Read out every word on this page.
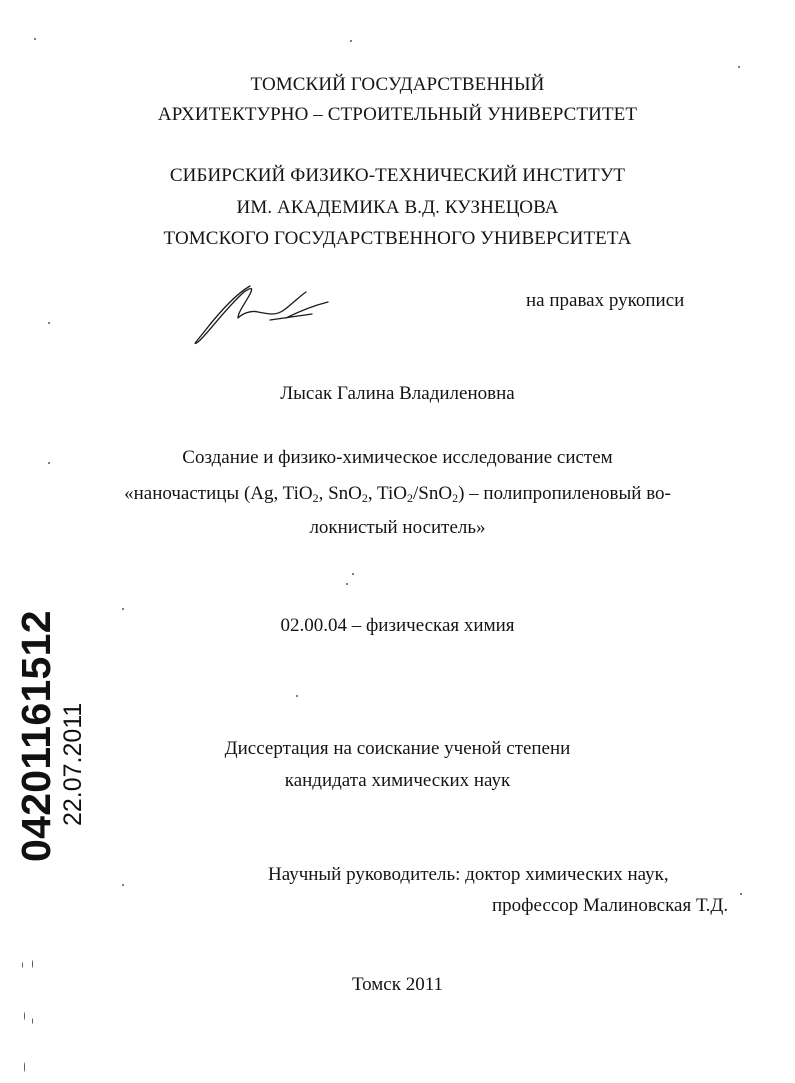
04201161512 22.07.2011
ТОМСКИЙ ГОСУДАРСТВЕННЫЙ
АРХИТЕКТУРНО – СТРОИТЕЛЬНЫЙ УНИВЕРСТИТЕТ
СИБИРСКИЙ ФИЗИКО-ТЕХНИЧЕСКИЙ ИНСТИТУТ
ИМ. АКАДЕМИКА В.Д. КУЗНЕЦОВА
ТОМСКОГО ГОСУДАРСТВЕННОГО УНИВЕРСИТЕТА
на правах рукописи
Лысак Галина Владиленовна
Создание и физико-химическое исследование систем
«наночастицы (Ag, TiO$_2$, SnO$_2$, TiO$_2$/SnO$_2$) – полипропиленовый во-
локнистый носитель»
02.00.04 – физическая химия
Диссертация на соискание ученой степени
кандидата химических наук
Научный руководитель: доктор химических наук,
профессор Малиновская Т.Д.
Томск 2011
